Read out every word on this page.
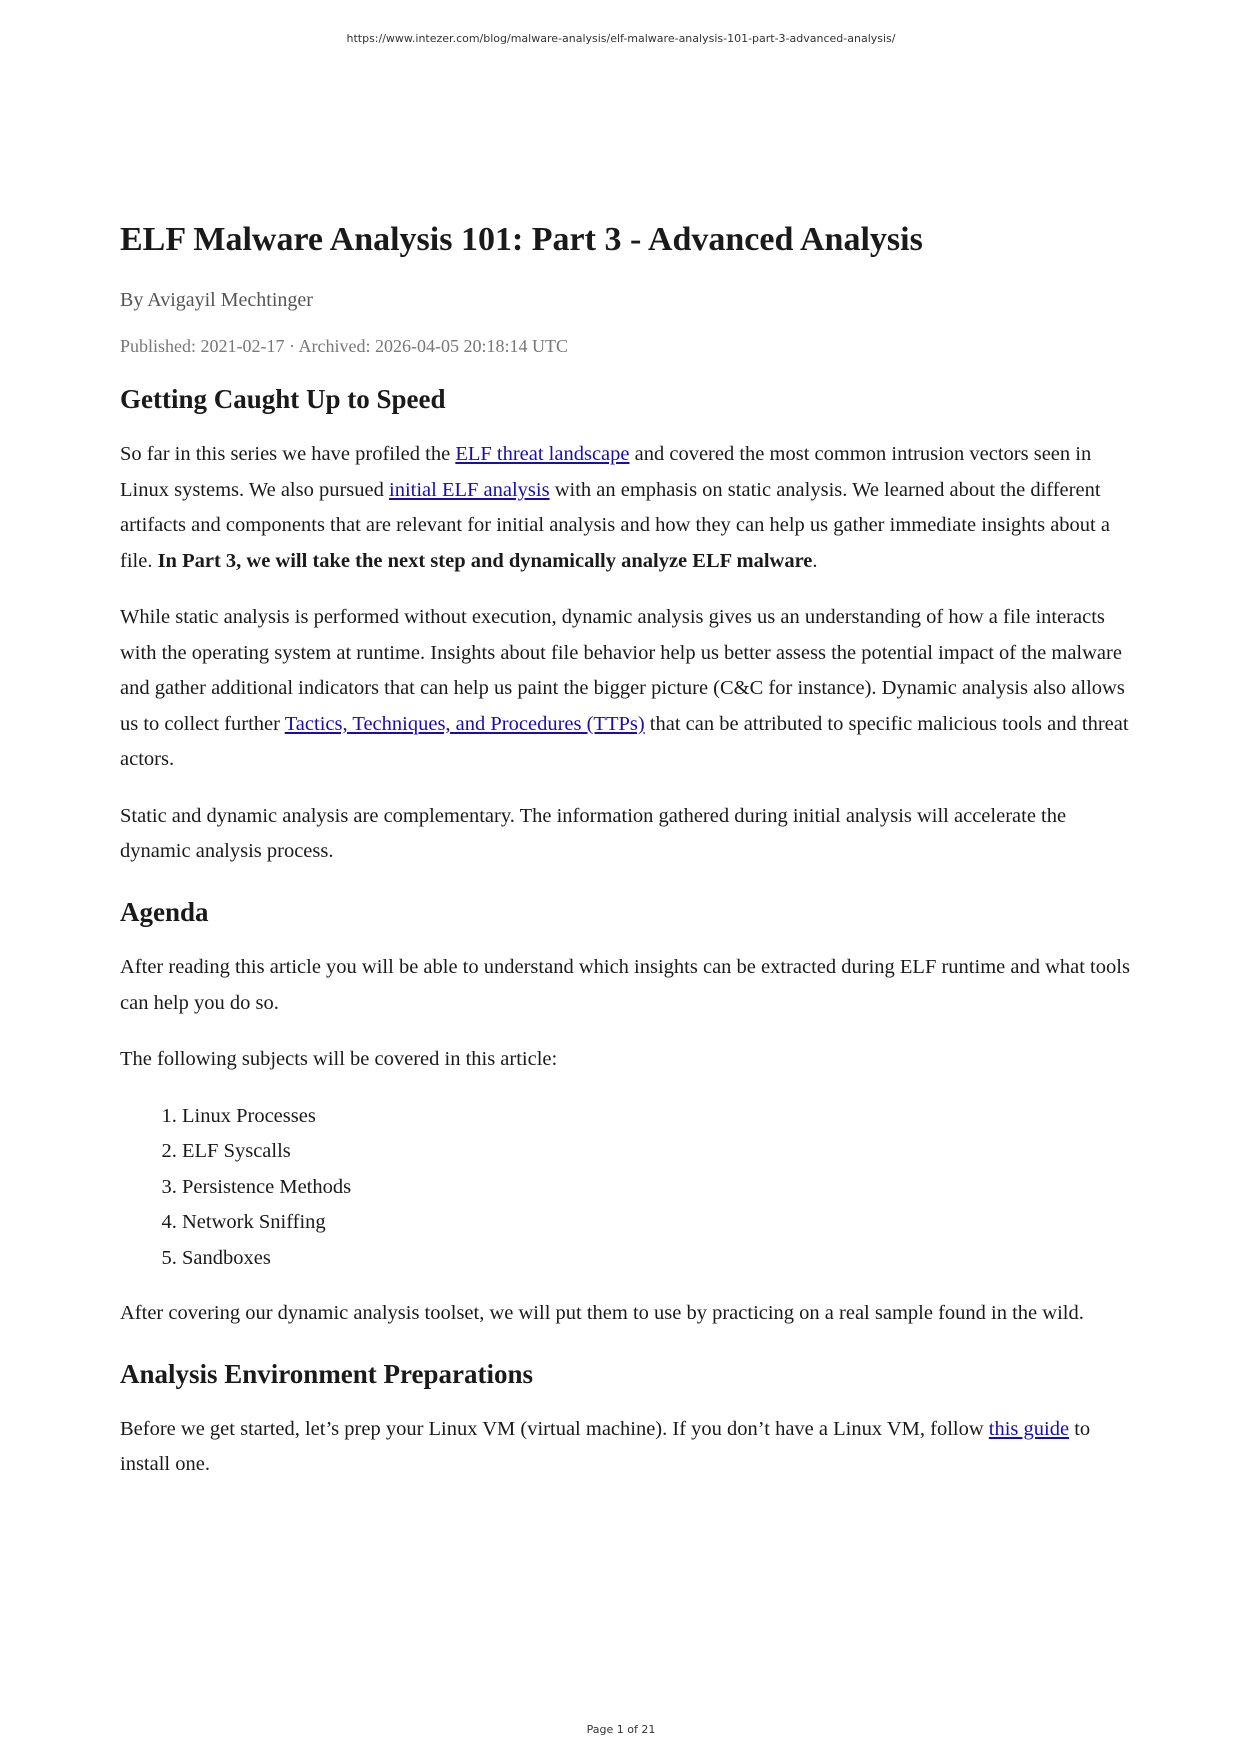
https://www.intezer.com/blog/malware-analysis/elf-malware-analysis-101-part-3-advanced-analysis/
ELF Malware Analysis 101: Part 3 - Advanced Analysis
By Avigayil Mechtinger
Published: 2021-02-17 · Archived: 2026-04-05 20:18:14 UTC
Getting Caught Up to Speed

So far in this series we have profiled the ELF threat landscape and covered the most common intrusion vectors seen in Linux systems. We also pursued initial ELF analysis with an emphasis on static analysis. We learned about the different artifacts and components that are relevant for initial analysis and how they can help us gather immediate insights about a file. In Part 3, we will take the next step and dynamically analyze ELF malware.

While static analysis is performed without execution, dynamic analysis gives us an understanding of how a file interacts with the operating system at runtime. Insights about file behavior help us better assess the potential impact of the malware and gather additional indicators that can help us paint the bigger picture (C&C for instance). Dynamic analysis also allows us to collect further Tactics, Techniques, and Procedures (TTPs) that can be attributed to specific malicious tools and threat actors.

Static and dynamic analysis are complementary. The information gathered during initial analysis will accelerate the dynamic analysis process.

Agenda

After reading this article you will be able to understand which insights can be extracted during ELF runtime and what tools can help you do so.

The following subjects will be covered in this article:

1. Linux Processes
2. ELF Syscalls
3. Persistence Methods
4. Network Sniffing
5. Sandboxes

After covering our dynamic analysis toolset, we will put them to use by practicing on a real sample found in the wild.

Analysis Environment Preparations

Before we get started, let’s prep your Linux VM (virtual machine). If you don’t have a Linux VM, follow this guide to install one.

Page 1 of 21
